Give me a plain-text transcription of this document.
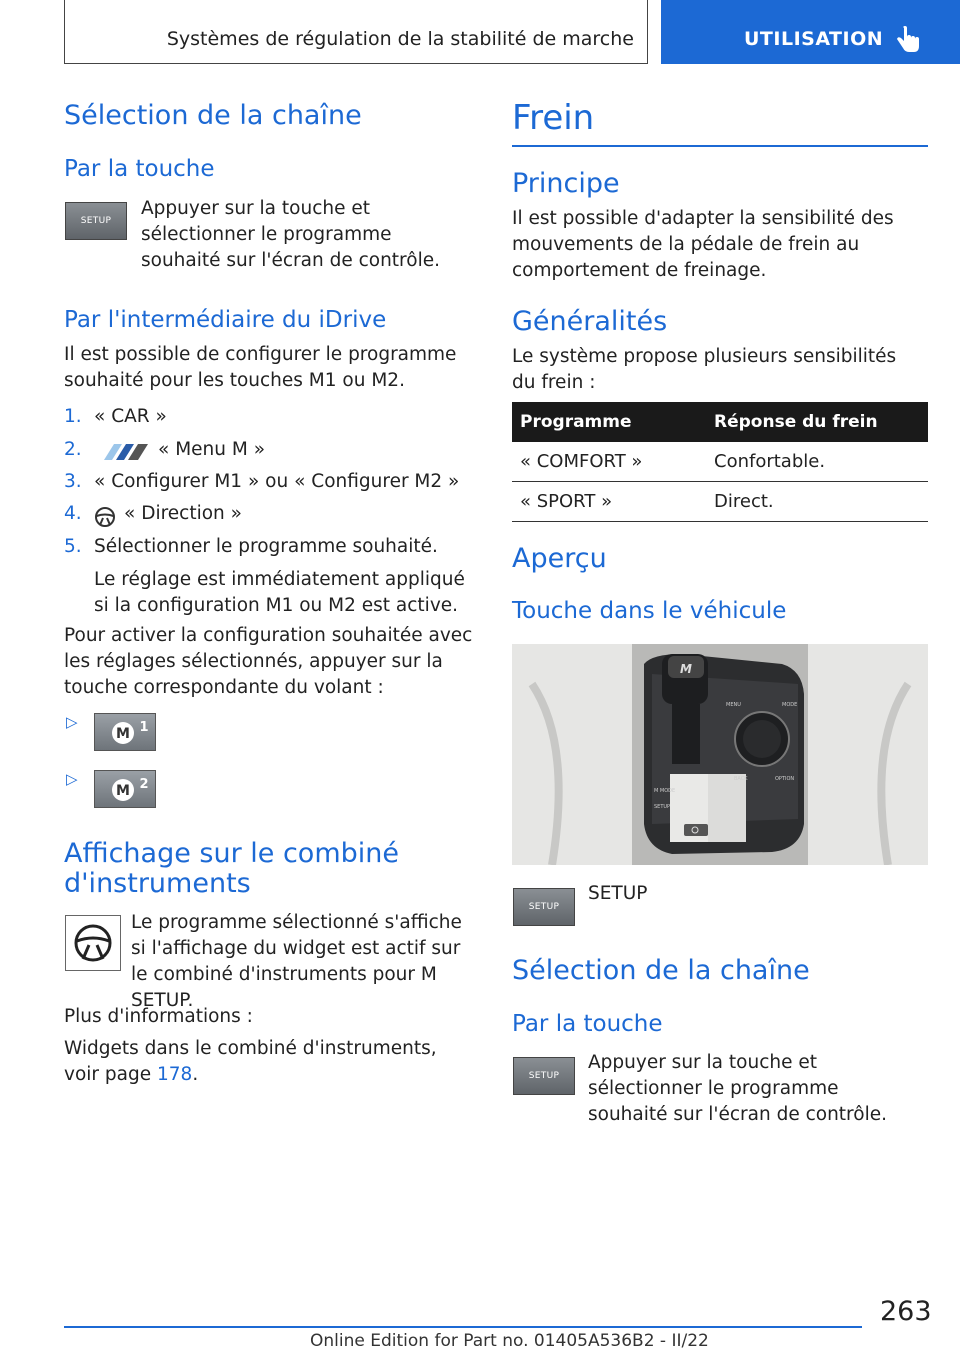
Systèmes de régulation de la stabilité de marche	UTILISATION
Sélection de la chaîne
Par la touche
SETUP
Appuyer sur la touche et sélectionner le programme souhaité sur l'écran de contrôle.
Par l'intermédiaire du iDrive
Il est possible de configurer le programme souhaité pour les touches M1 ou M2.
1. « CAR »
2.	« Menu M »
3. « Configurer M1 » ou « Configurer M2 »
4. « Direction »
5. Sélectionner le programme souhaité.
Le réglage est immédiatement appliqué si la configuration M1 ou M2 est active.
Pour activer la configuration souhaitée avec les réglages sélectionnés, appuyer sur la touche correspondante du volant :
▷
M 1
▷
M 2
Affichage sur le combiné
d'instruments
Le programme sélectionné s'affiche si l'affichage du widget est actif sur le combiné d'instruments pour M SETUP.
Plus d'informations :
Widgets dans le combiné d'instruments, voir page 178.
Frein
Principe
Il est possible d'adapter la sensibilité des mouvements de la pédale de frein au comportement de freinage.
Généralités
Le système propose plusieurs sensibilités du frein :
Programme	Réponse du frein
« COMFORT »	Confortable.
« SPORT »	Direct.
Aperçu
Touche dans le véhicule
M
MENU	MODE
BACK	OPTION
M MODE
SETUP
SETUP
SETUP
Sélection de la chaîne
Par la touche
SETUP
Appuyer sur la touche et sélectionner le programme souhaité sur l'écran de contrôle.
263
Online Edition for Part no. 01405A536B2 - II/22
